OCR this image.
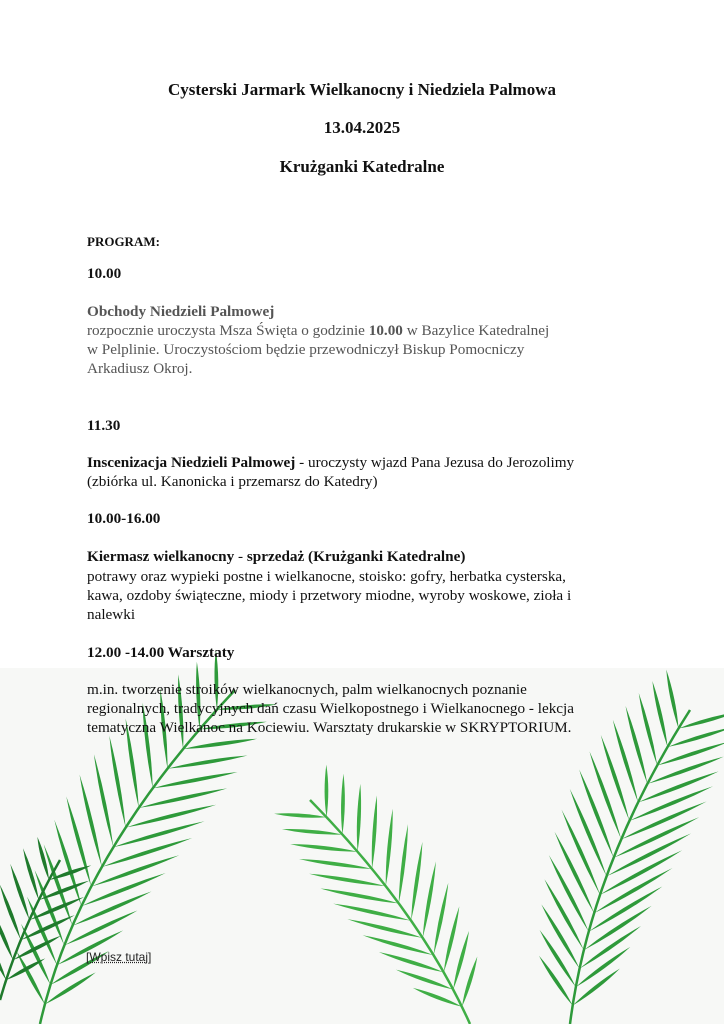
Cysterski Jarmark Wielkanocny i Niedziela Palmowa

13.04.2025

Krużganki Katedralne

PROGRAM:

10.00

Obchody Niedzieli Palmowej

rozpocznie uroczysta Msza Święta o godzinie 10.00 w Bazylice Katedralnej

w Pelplinie. Uroczystościom będzie przewodniczył Biskup Pomocniczy

Arkadiusz Okroj.

11.30

Inscenizacja Niedzieli Palmowej - uroczysty wjazd Pana Jezusa do Jerozolimy

(zbiórka ul. Kanonicka i przemarsz do Katedry)

10.00-16.00

Kiermasz wielkanocny - sprzedaż (Krużganki Katedralne)

potrawy oraz wypieki postne i wielkanocne, stoisko: gofry, herbatka cysterska,

kawa, ozdoby świąteczne, miody i przetwory miodne, wyroby woskowe, zioła i

nalewki

12.00 -14.00 Warsztaty

m.in. tworzenie stroików wielkanocnych, palm wielkanocnych poznanie

regionalnych, tradycyjnych dań czasu Wielkopostnego i Wielkanocnego - lekcja

tematyczna Wielkanoc na Kociewiu. Warsztaty drukarskie w SKRYPTORIUM.

[Wpisz tutaj]
